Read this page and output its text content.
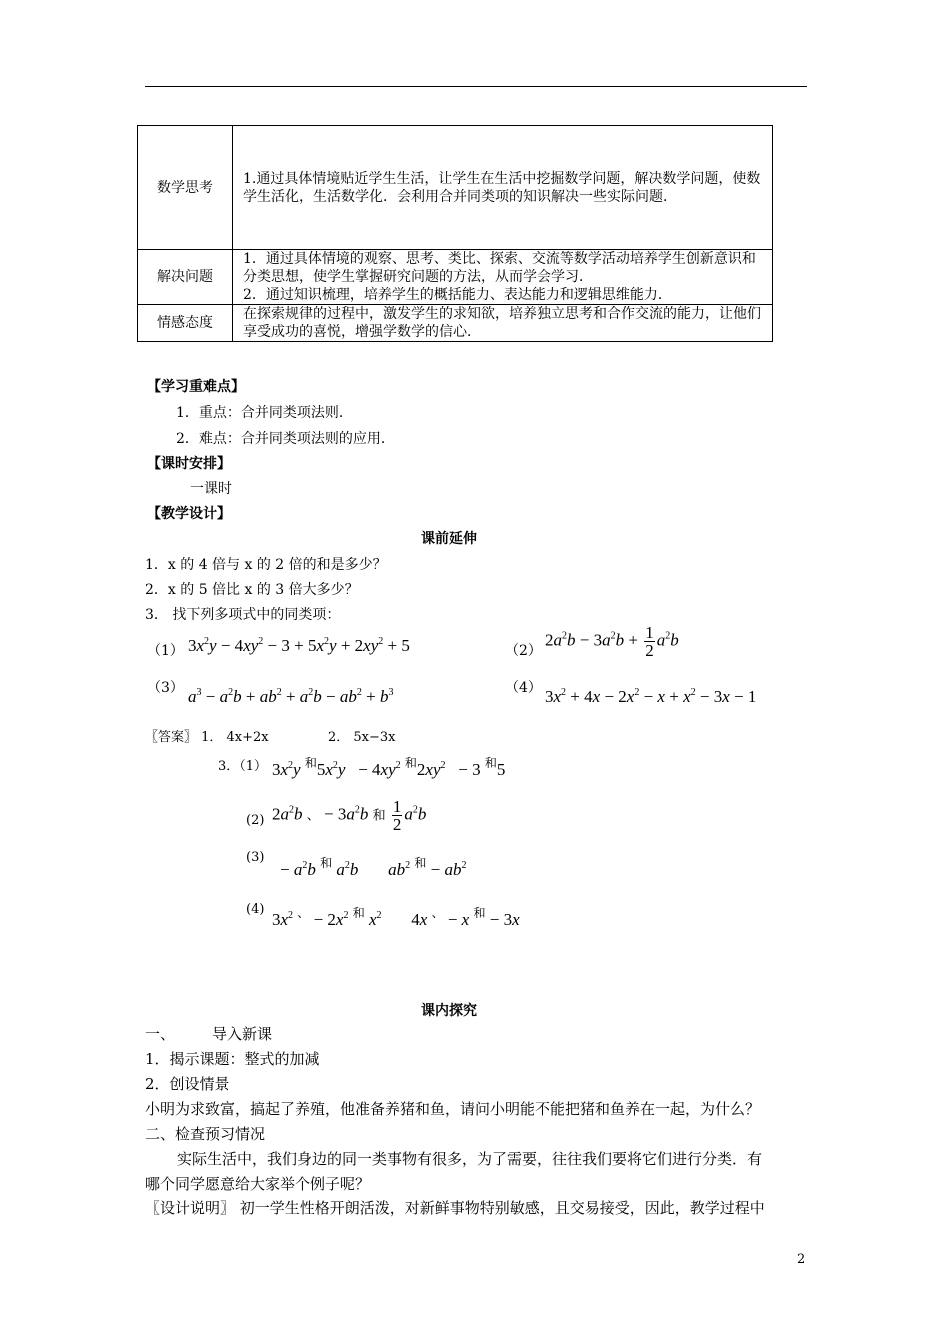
数学思考	1.通过具体情境贴近学生生活，让学生在生活中挖掘数学问题，解决数学问题，使数学生活化，生活数学化．会利用合并同类项的知识解决一些实际问题．
解决问题	1．通过具体情境的观察、思考、类比、探索、交流等数学活动培养学生创新意识和分类思想，使学生掌握研究问题的方法，从而学会学习．
2．通过知识梳理，培养学生的概括能力、表达能力和逻辑思维能力．

情感态度	在探索规律的过程中，激发学生的求知欲，培养独立思考和合作交流的能力，让他们享受成功的喜悦，增强学数学的信心．
【学习重难点】
1．重点：合并同类项法则．
2．难点：合并同类项法则的应用．
【课时安排】
一课时
【教学设计】
课前延伸
1．x 的 4 倍与 x 的 2 倍的和是多少？
2．x 的 5 倍比 x 的 3 倍大多少？
3． 找下列多项式中的同类项：
（1） $3x^2y - 4xy^2 - 3 + 5x^2y + 2xy^2 + 5$	（2）
$2a^2b - 3a^2b + \frac{1}{2} a^2b$
（3） $a^3 - a^2b + ab^2 + a^2b - ab^2 + b^3$	（4） $3x^2 + 4x - 2x^2 - x + x^2 - 3x - 1$
〖答案〗 1． 4x+2x	2． 5x−3x
3．（1） $3x^2y$ $^和5x^2y - 4xy^2$ $^和2xy^2 - 3$ $^和$5
(2) $2a^2b$ 、 − $3a^2b$ 和 $\frac{1}{2} a^2b$
(3)
− $a^2b$ $^和$ $a^2b$ $ab^2$ $^和 - ab^2$
(4)
$3x^2$ $^、 - 2x^2$ $^和$ $x^2$       4x 、 − x $^和$ − 3x
课内探究
一、 导入新课
1．揭示课题：整式的加减
2．创设情景
小明为求致富，搞起了养殖，他准备养猪和鱼，请问小明能不能把猪和鱼养在一起，为什么？
二、检查预习情况
实际生活中，我们身边的同一类事物有很多，为了需要，往往我们要将它们进行分类．有
哪个同学愿意给大家举个例子呢？
〖设计说明〗 初一学生性格开朗活泼，对新鲜事物特别敏感，且交易接受，因此，教学过程中
2
